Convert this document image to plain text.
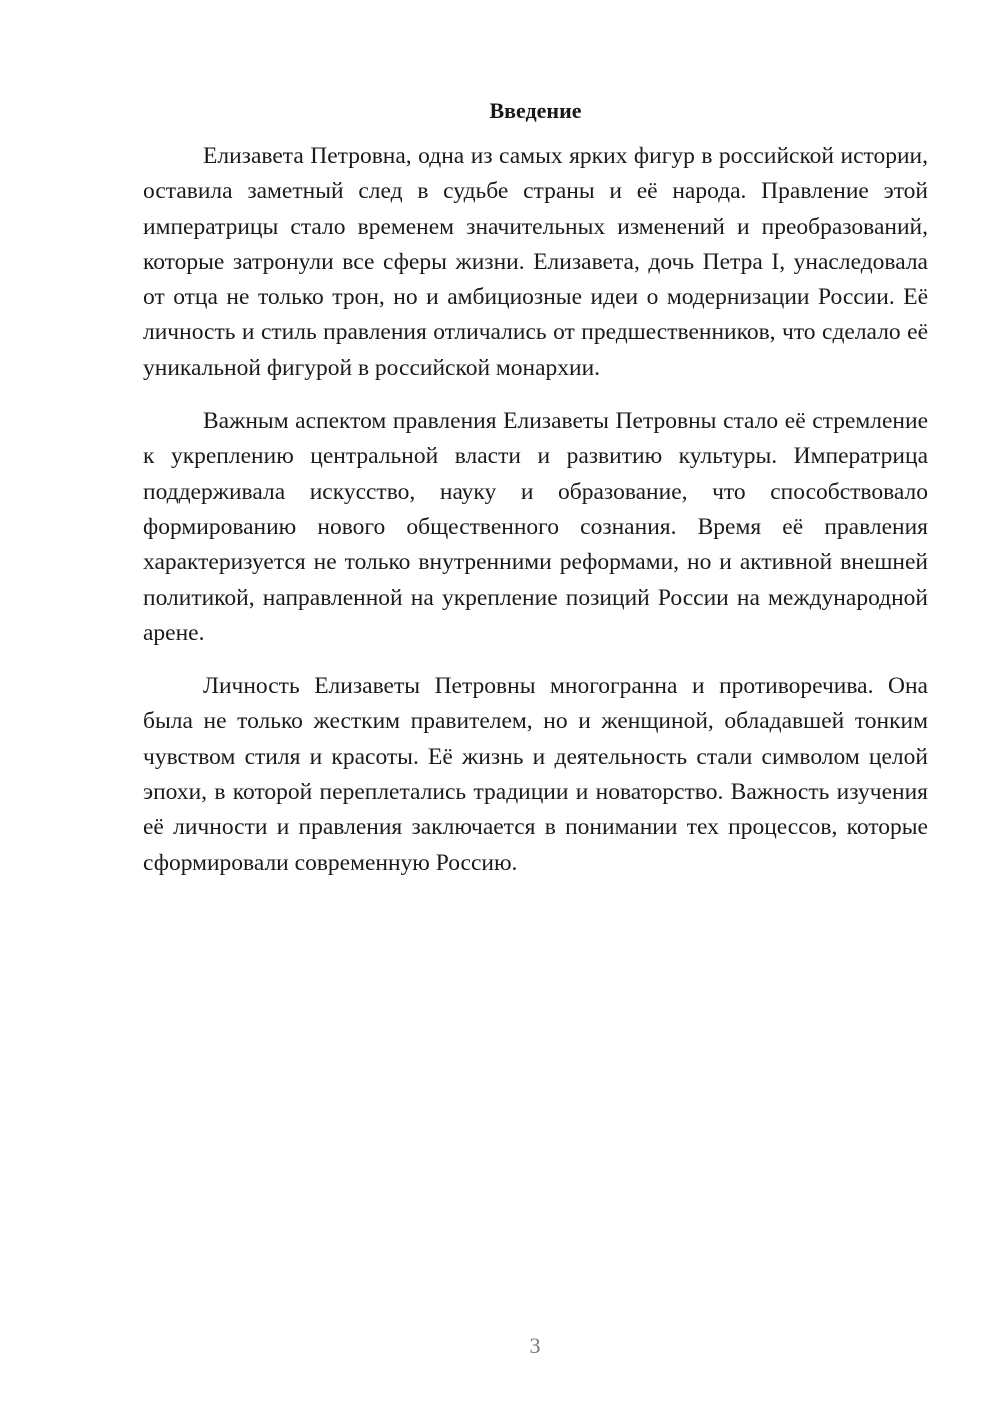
Введение

Елизавета Петровна, одна из самых ярких фигур в российской истории, оставила заметный след в судьбе страны и её народа. Правление этой императрицы стало временем значительных изменений и преобразований, которые затронули все сферы жизни. Елизавета, дочь Петра I, унаследовала от отца не только трон, но и амбициозные идеи о модернизации России. Её личность и стиль правления отличались от предшественников, что сделало её уникальной фигурой в российской монархии.

Важным аспектом правления Елизаветы Петровны стало её стремление к укреплению центральной власти и развитию культуры. Императрица поддерживала искусство, науку и образование, что способствовало формированию нового общественного сознания. Время её правления характеризуется не только внутренними реформами, но и активной внешней политикой, направленной на укрепление позиций России на международной арене.

Личность Елизаветы Петровны многогранна и противоречива. Она была не только жестким правителем, но и женщиной, обладавшей тонким чувством стиля и красоты. Её жизнь и деятельность стали символом целой эпохи, в которой переплетались традиции и новаторство. Важность изучения её личности и правления заключается в понимании тех процессов, которые сформировали современную Россию.

3
